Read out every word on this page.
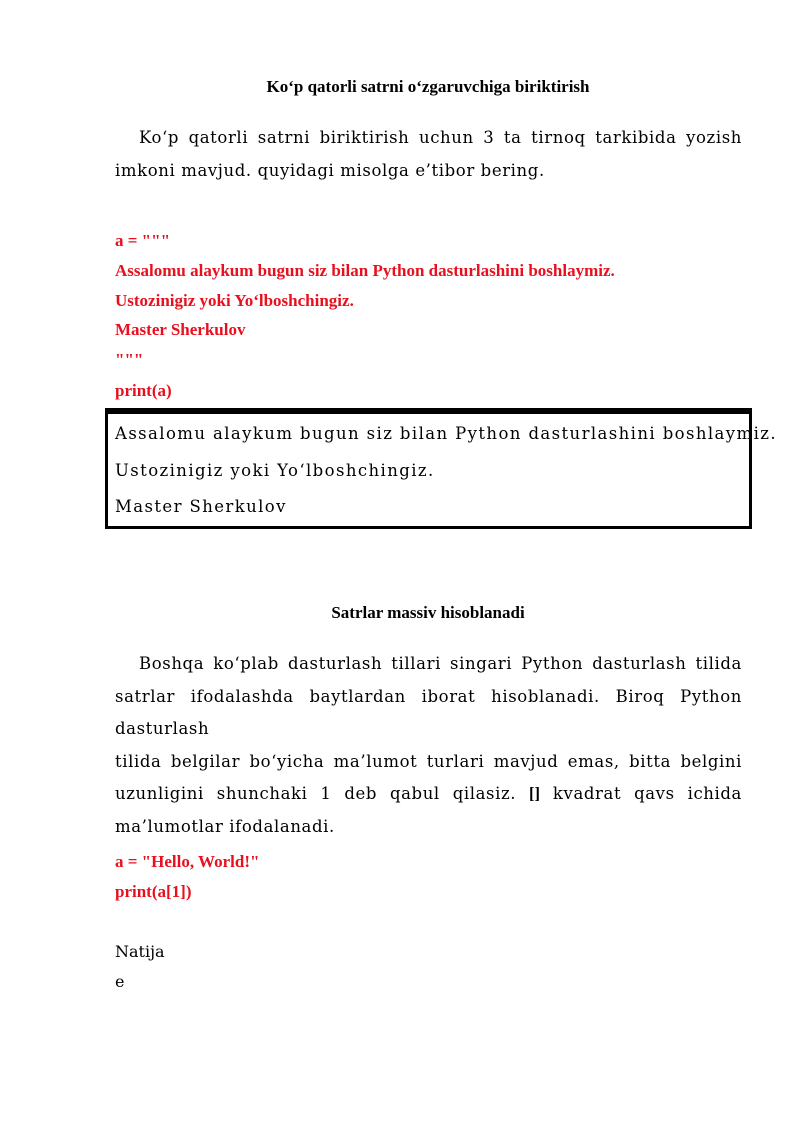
Ko‘p qatorli satrni o‘zgaruvchiga biriktirish
Ko‘p qatorli satrni biriktirish uchun 3 ta tirnoq tarkibida yozish
imkoni mavjud. quyidagi misolga e’tibor bering.
a = """
Assalomu alaykum bugun siz bilan Python dasturlashini boshlaymiz.
Ustozinigiz yoki Yo‘lboshchingiz.
Master Sherkulov
"""
print(a)
Assalomu alaykum bugun siz bilan Python dasturlashini boshlaymiz.
Ustozinigiz yoki Yo‘lboshchingiz.
Master Sherkulov
Satrlar massiv hisoblanadi
Boshqa ko‘plab dasturlash tillari singari Python dasturlash tilida
satrlar ifodalashda baytlardan iborat hisoblanadi. Biroq Python dasturlash
tilida belgilar bo‘yicha ma’lumot turlari mavjud emas, bitta belgini
uzunligini shunchaki 1 deb qabul qilasiz. [] kvadrat qavs ichida
ma’lumotlar ifodalanadi.
a = "Hello, World!"
print(a[1])
Natija
e
